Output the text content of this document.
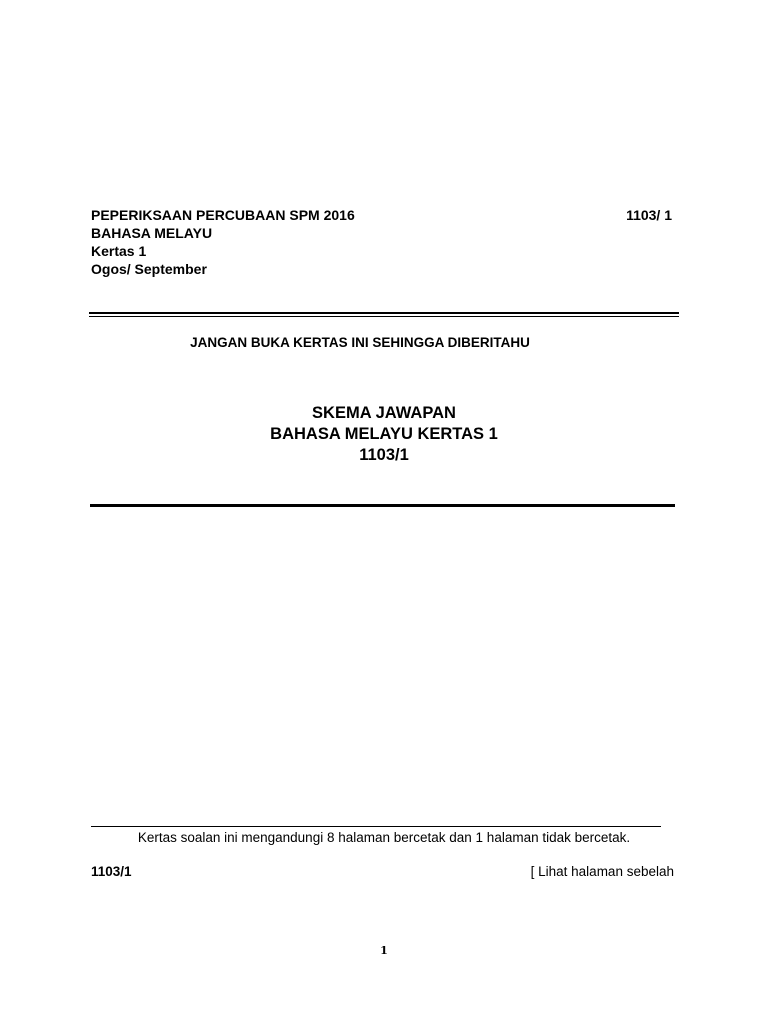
PEPERIKSAAN PERCUBAAN SPM 2016
BAHASA MELAYU
Kertas 1
Ogos/ September
1103/ 1
JANGAN BUKA KERTAS INI SEHINGGA DIBERITAHU
SKEMA JAWAPAN
BAHASA MELAYU KERTAS 1
1103/1
Kertas soalan ini mengandungi 8 halaman bercetak dan 1 halaman tidak bercetak.
1103/1	[ Lihat halaman sebelah
1
